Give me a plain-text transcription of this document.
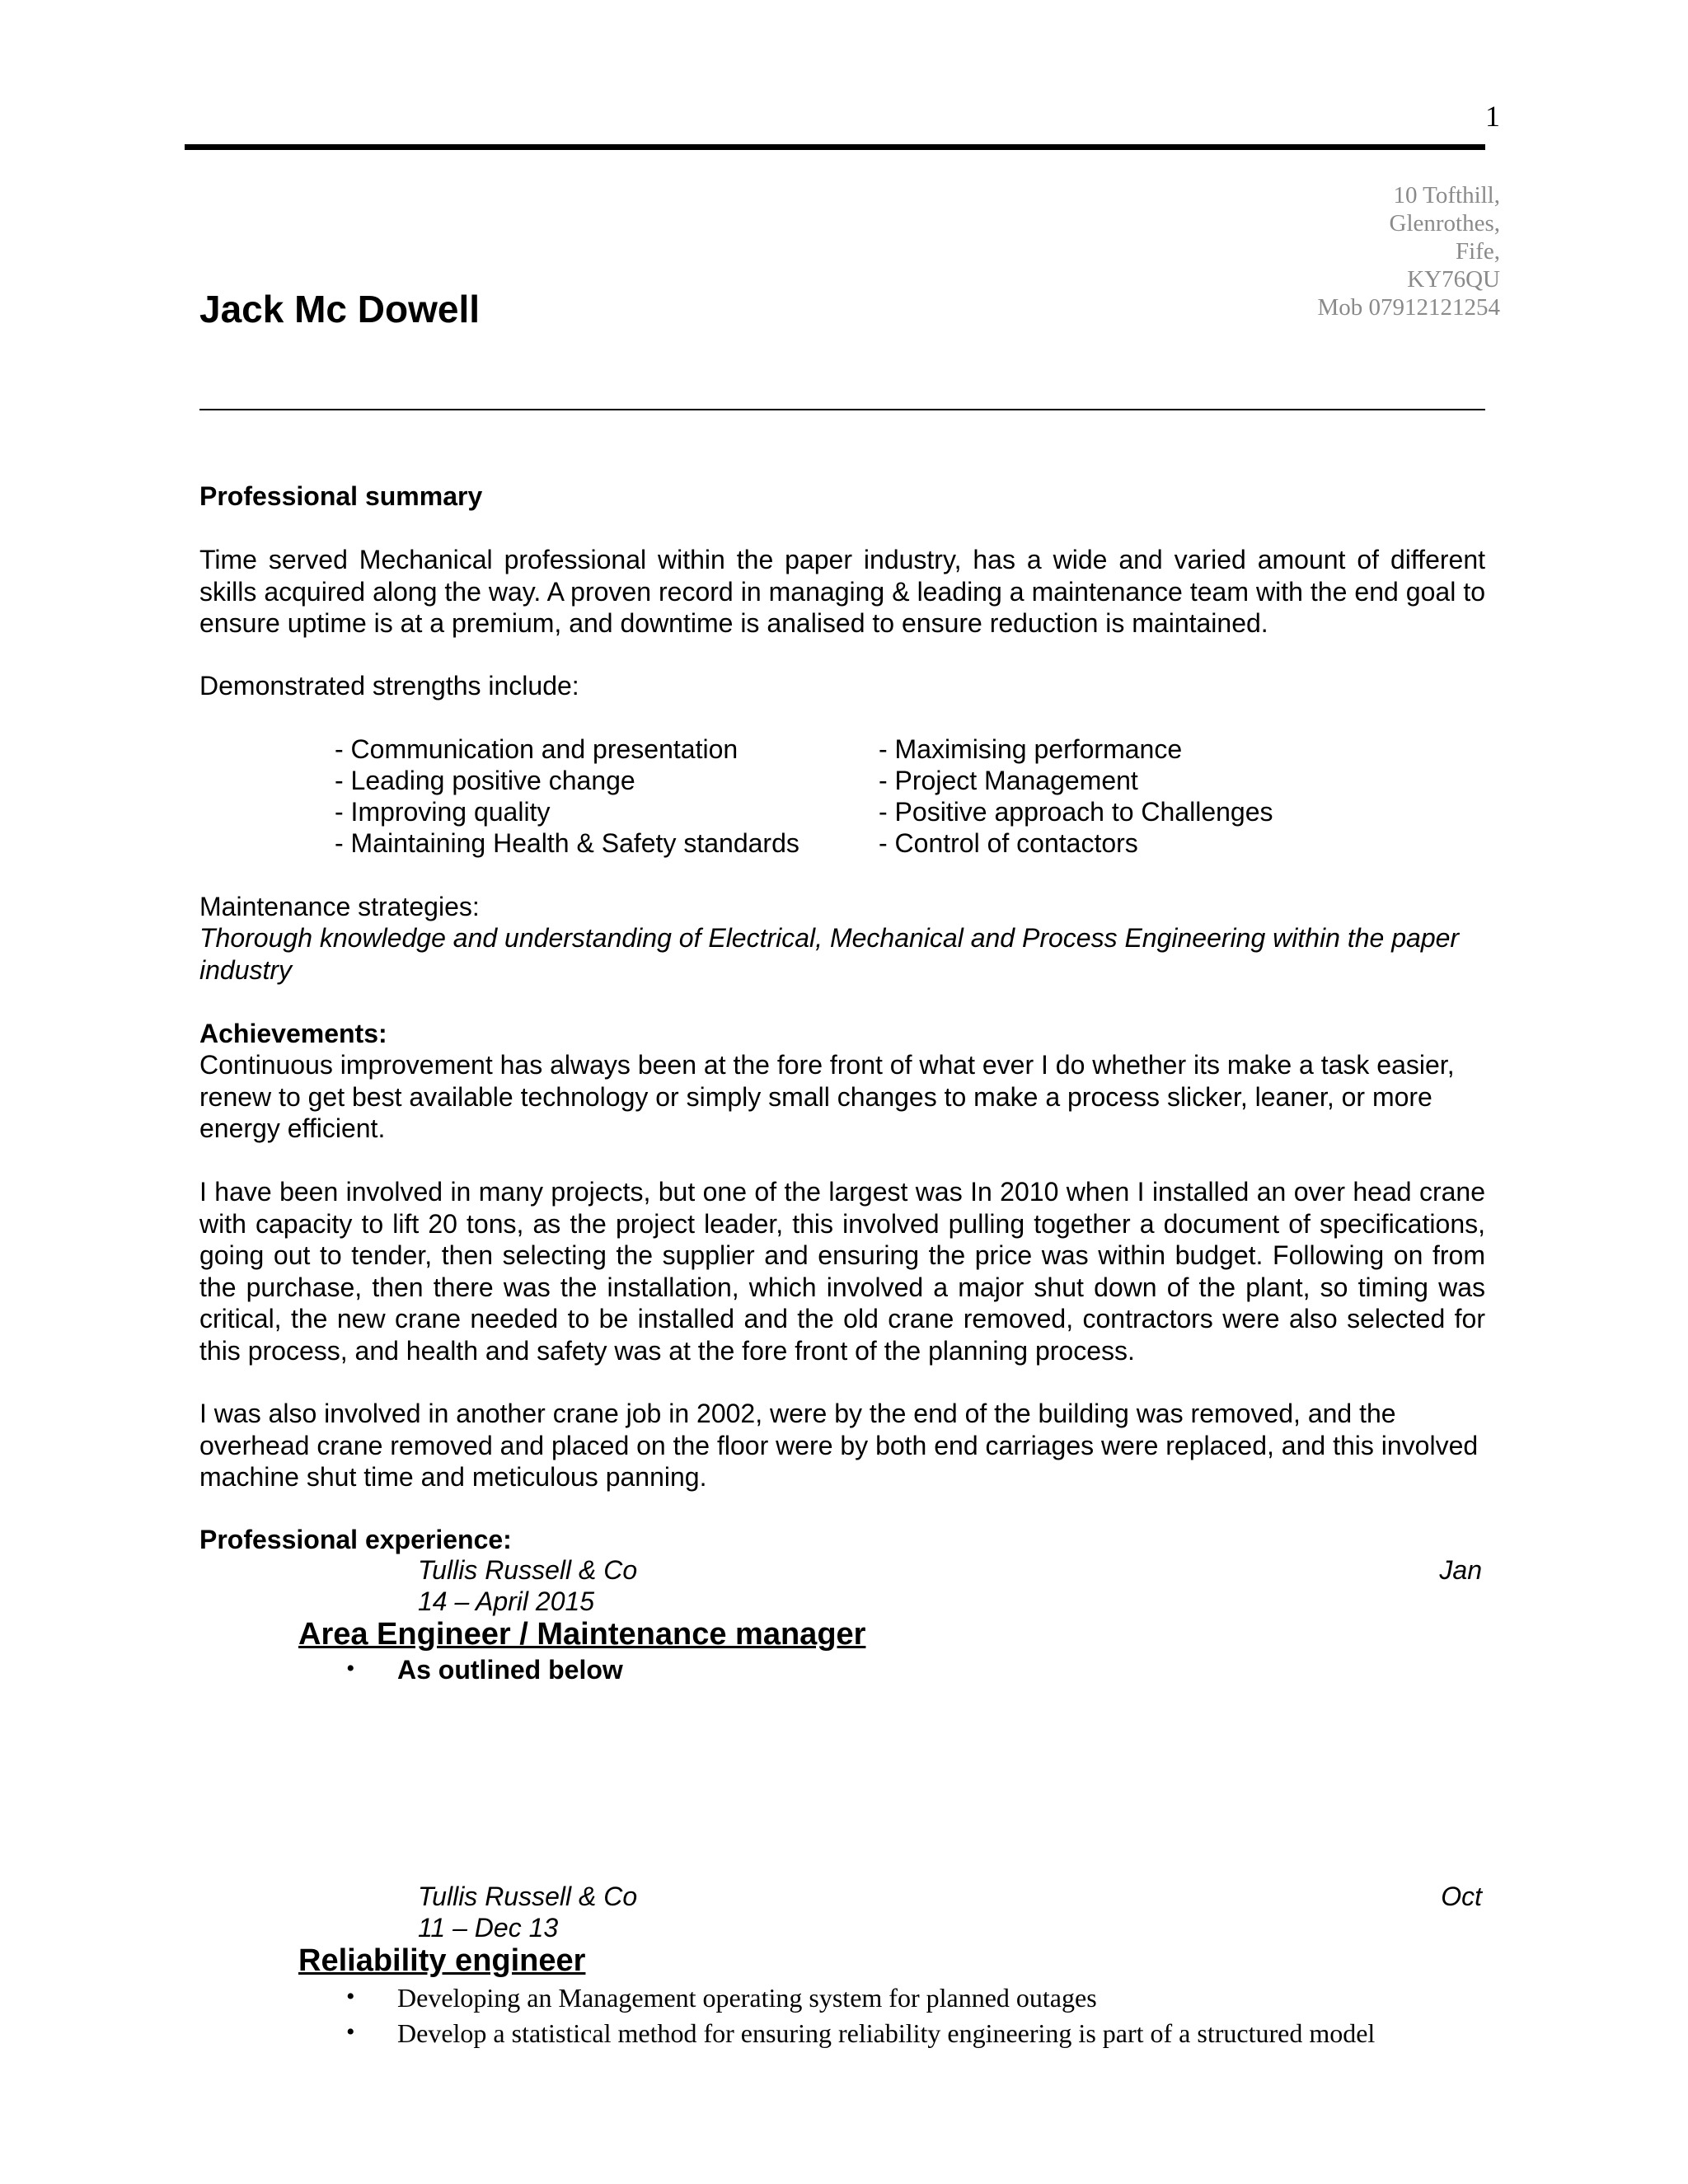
1
10 Tofthill,
Glenrothes,
Fife,
KY76QU
Mob 07912121254
Jack Mc Dowell
Professional summary
Time served Mechanical professional within the paper industry, has a wide and varied amount of different skills acquired along the way. A proven record in managing & leading a maintenance team with the end goal to ensure uptime is at a premium, and downtime is analised to ensure reduction is maintained.
Demonstrated strengths include:
- Communication and presentation
- Leading positive change
- Improving quality
- Maintaining Health & Safety standards
- Maximising performance
- Project Management
- Positive approach to Challenges
- Control of contactors
Maintenance strategies:
Thorough knowledge and understanding of Electrical, Mechanical and Process Engineering within the paper industry
Achievements:
Continuous improvement has always been at the fore front of what ever I do whether its make a task easier, renew to get best available technology or simply small changes to make a process slicker, leaner, or more energy efficient.
I have been involved in many projects, but one of the largest was In 2010 when I installed an over head crane with capacity to lift 20 tons, as the project leader, this involved pulling together a document of specifications, going out to tender, then selecting the supplier and ensuring the price was within budget. Following on from the purchase, then there was the installation, which involved a major shut down of the plant, so timing was critical, the new crane needed to be installed and the old crane removed, contractors were also selected for this process, and health and safety was at the fore front of the planning process.
I was also involved in another crane job in 2002, were by the end of the building was removed, and the overhead crane removed and placed on the floor were by both end carriages were replaced, and this involved machine shut time and meticulous panning.
Professional experience:
Tullis Russell & Co	Jan
14 – April 2015
Area Engineer / Maintenance manager
• As outlined below
Tullis Russell & Co	Oct
11 – Dec 13
Reliability engineer
• Developing an Management operating system for planned outages
• Develop a statistical method for ensuring reliability engineering is part of a structured model
